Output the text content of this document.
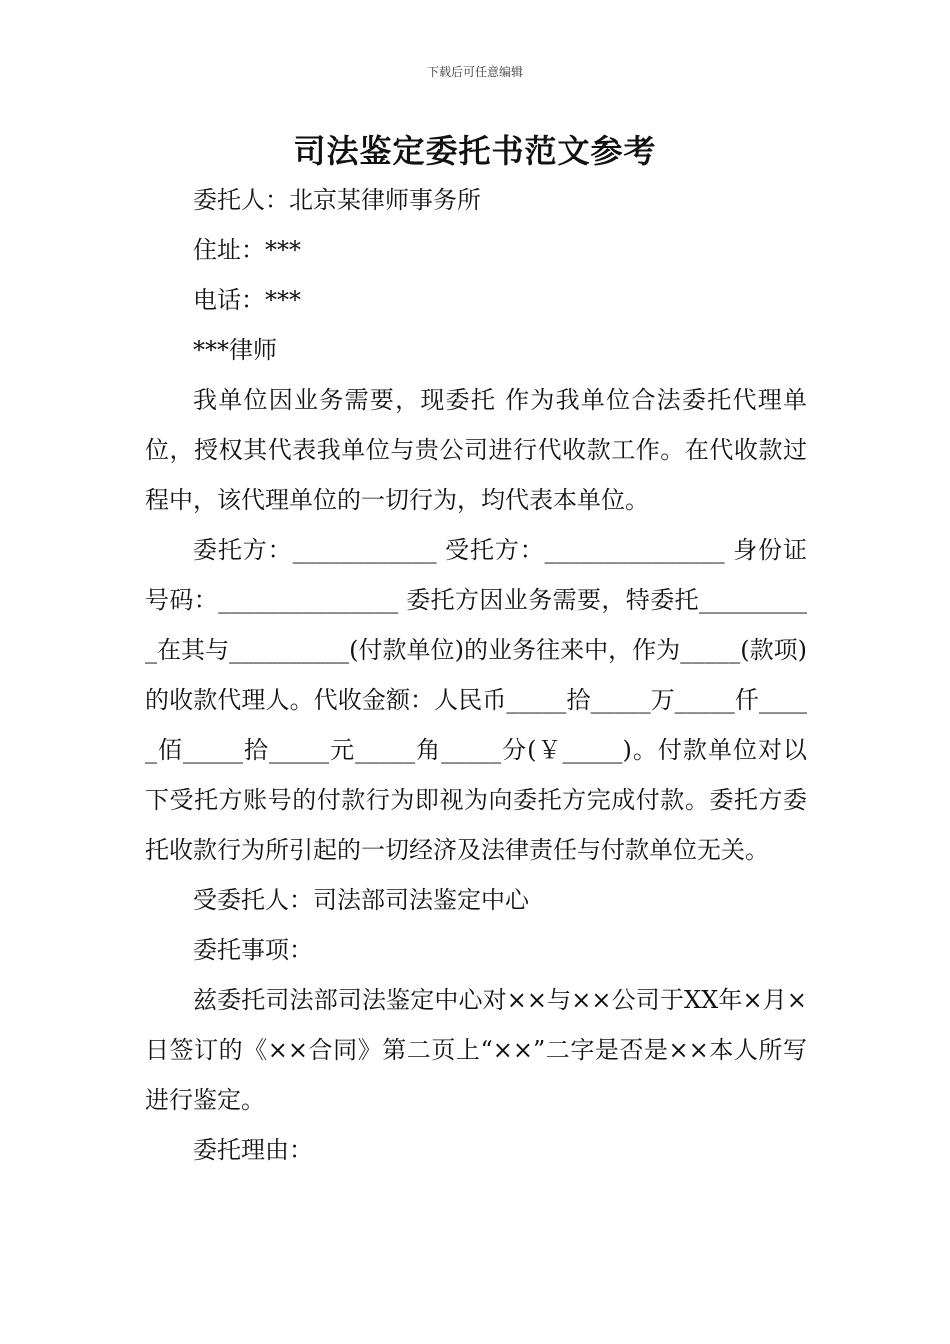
下载后可任意编辑
司法鉴定委托书范文参考

委托人：北京某律师事务所

住址：***

电话：***

***律师

我单位因业务需要，现委托 作为我单位合法委托代理单位，授权其代表我单位与贵公司进行代收款工作。在代收款过程中，该代理单位的一切行为，均代表本单位。

委托方：____________ 受托方：_______________ 身份证号码：_______________ 委托方因业务需要，特委托__________在其与__________(付款单位)的业务往来中，作为_____(款项)的收款代理人。代收金额：人民币_____拾_____万_____仟_____佰_____拾_____元_____角_____分(￥_____)。付款单位对以下受托方账号的付款行为即视为向委托方完成付款。委托方委托收款行为所引起的一切经济及法律责任与付款单位无关。

受委托人：司法部司法鉴定中心

委托事项：

兹委托司法部司法鉴定中心对××与××公司于XX年×月×日签订的《××合同》第二页上“××”二字是否是××本人所写进行鉴定。

委托理由：
